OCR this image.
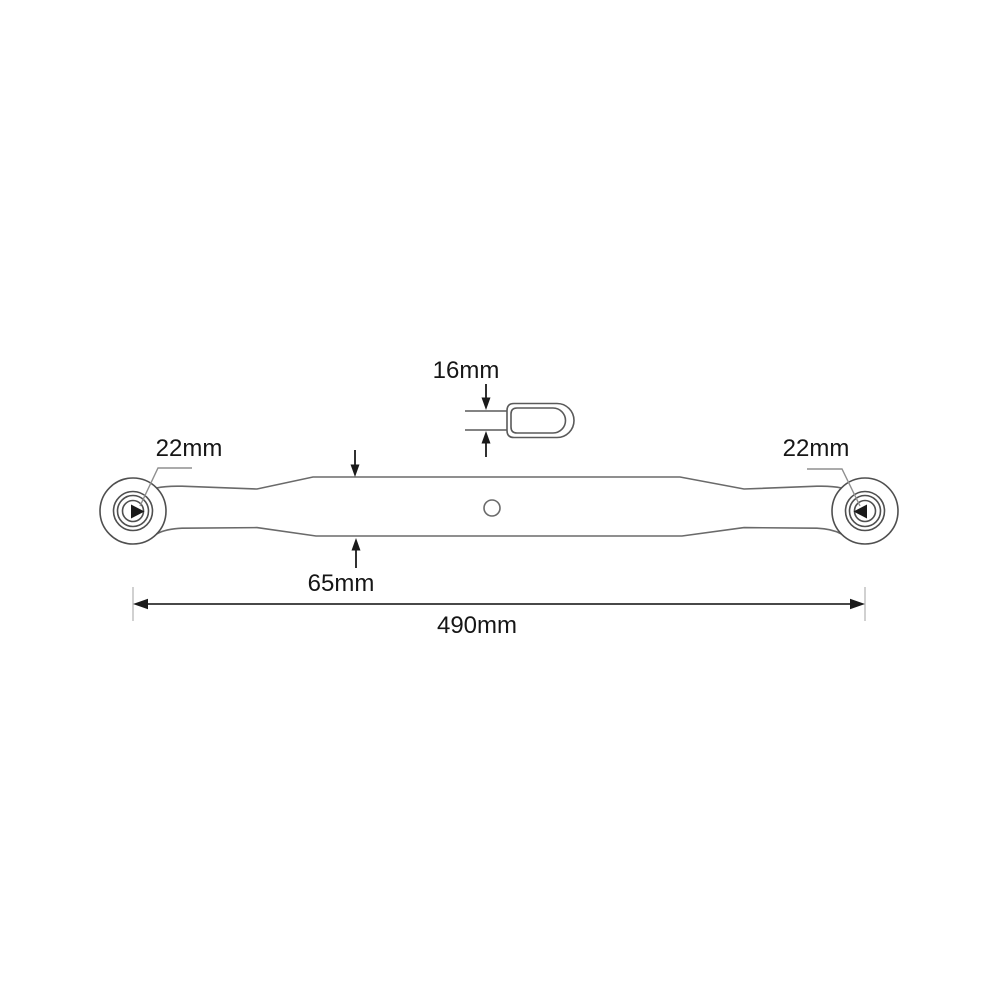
16mm
22mm	22mm
65mm
490mm
